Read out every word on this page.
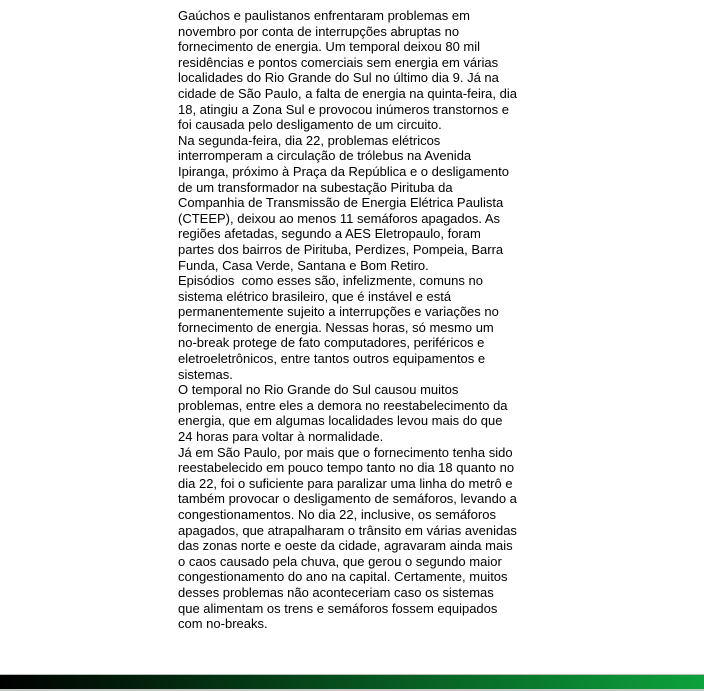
Gaúchos e paulistanos enfrentaram problemas em
novembro por conta de interrupções abruptas no
fornecimento de energia. Um temporal deixou 80 mil
residências e pontos comerciais sem energia em várias
localidades do Rio Grande do Sul no último dia 9. Já na
cidade de São Paulo, a falta de energia na quinta-feira, dia
18, atingiu a Zona Sul e provocou inúmeros transtornos e
foi causada pelo desligamento de um circuito.
Na segunda-feira, dia 22, problemas elétricos
interromperam a circulação de trólebus na Avenida
Ipiranga, próximo à Praça da República e o desligamento
de um transformador na subestação Pirituba da
Companhia de Transmissão de Energia Elétrica Paulista
(CTEEP), deixou ao menos 11 semáforos apagados. As
regiões afetadas, segundo a AES Eletropaulo, foram
partes dos bairros de Pirituba, Perdizes, Pompeia, Barra
Funda, Casa Verde, Santana e Bom Retiro.
Episódios  como esses são, infelizmente, comuns no
sistema elétrico brasileiro, que é instável e está
permanentemente sujeito a interrupções e variações no
fornecimento de energia. Nessas horas, só mesmo um
no-break protege de fato computadores, periféricos e
eletroeletrônicos, entre tantos outros equipamentos e
sistemas.
O temporal no Rio Grande do Sul causou muitos
problemas, entre eles a demora no reestabelecimento da
energia, que em algumas localidades levou mais do que
24 horas para voltar à normalidade.
Já em São Paulo, por mais que o fornecimento tenha sido
reestabelecido em pouco tempo tanto no dia 18 quanto no
dia 22, foi o suficiente para paralizar uma linha do metrô e
também provocar o desligamento de semáforos, levando a
congestionamentos. No dia 22, inclusive, os semáforos
apagados, que atrapalharam o trânsito em várias avenidas
das zonas norte e oeste da cidade, agravaram ainda mais
o caos causado pela chuva, que gerou o segundo maior
congestionamento do ano na capital. Certamente, muitos
desses problemas não aconteceriam caso os sistemas
que alimentam os trens e semáforos fossem equipados
com no-breaks.
